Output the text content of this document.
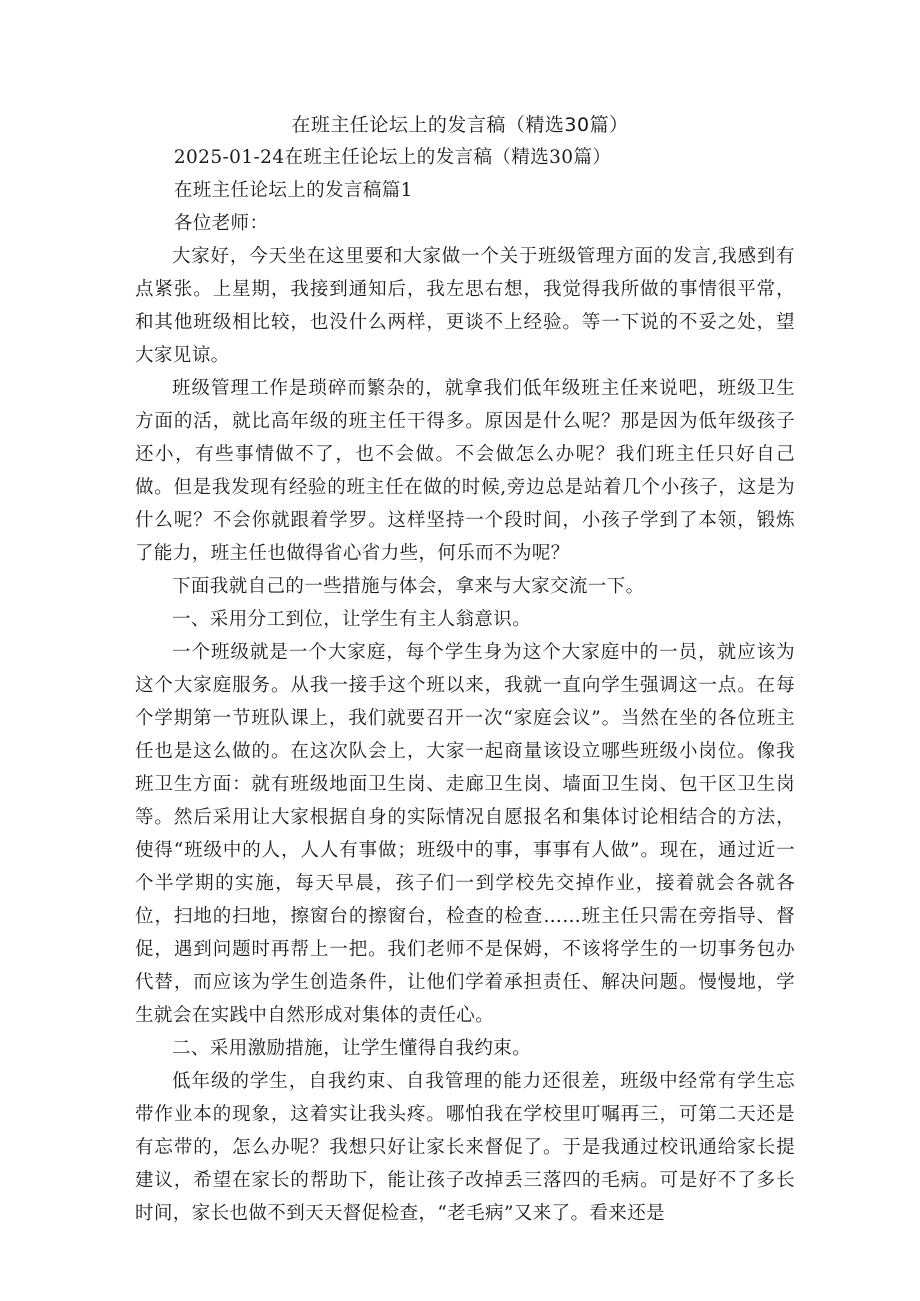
在班主任论坛上的发言稿（精选30篇）

2025-01-24在班主任论坛上的发言稿（精选30篇）

在班主任论坛上的发言稿篇1

各位老师：

大家好，今天坐在这里要和大家做一个关于班级管理方面的发言,我感到有点紧张。上星期，我接到通知后，我左思右想，我觉得我所做的事情很平常，和其他班级相比较，也没什么两样，更谈不上经验。等一下说的不妥之处，望大家见谅。

班级管理工作是琐碎而繁杂的，就拿我们低年级班主任来说吧，班级卫生方面的活，就比高年级的班主任干得多。原因是什么呢？那是因为低年级孩子还小，有些事情做不了，也不会做。不会做怎么办呢？我们班主任只好自己做。但是我发现有经验的班主任在做的时候,旁边总是站着几个小孩子，这是为什么呢？不会你就跟着学罗。这样坚持一个段时间，小孩子学到了本领，锻炼了能力，班主任也做得省心省力些，何乐而不为呢？

下面我就自己的一些措施与体会，拿来与大家交流一下。

一、采用分工到位，让学生有主人翁意识。

一个班级就是一个大家庭，每个学生身为这个大家庭中的一员，就应该为这个大家庭服务。从我一接手这个班以来，我就一直向学生强调这一点。在每个学期第一节班队课上，我们就要召开一次“家庭会议”。当然在坐的各位班主任也是这么做的。在这次队会上，大家一起商量该设立哪些班级小岗位。像我班卫生方面：就有班级地面卫生岗、走廊卫生岗、墙面卫生岗、包干区卫生岗等。然后采用让大家根据自身的实际情况自愿报名和集体讨论相结合的方法，使得“班级中的人，人人有事做；班级中的事，事事有人做”。现在，通过近一个半学期的实施，每天早晨，孩子们一到学校先交掉作业，接着就会各就各位，扫地的扫地，擦窗台的擦窗台，检查的检查……班主任只需在旁指导、督促，遇到问题时再帮上一把。我们老师不是保姆，不该将学生的一切事务包办代替，而应该为学生创造条件，让他们学着承担责任、解决问题。慢慢地，学生就会在实践中自然形成对集体的责任心。

二、采用激励措施，让学生懂得自我约束。

低年级的学生，自我约束、自我管理的能力还很差，班级中经常有学生忘带作业本的现象，这着实让我头疼。哪怕我在学校里叮嘱再三，可第二天还是有忘带的，怎么办呢？我想只好让家长来督促了。于是我通过校讯通给家长提建议，希望在家长的帮助下，能让孩子改掉丢三落四的毛病。可是好不了多长时间，家长也做不到天天督促检查，“老毛病”又来了。看来还是
